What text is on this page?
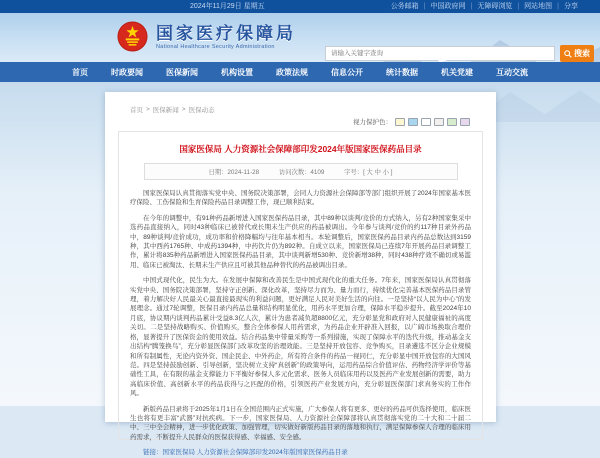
2024年11月29日 星期五	公务邮箱 | 中国政府网 | 无障碍浏览 | 网站地图 | 分享
国家医疗保障局
National Healthcare Security Administration
请输入关键字查询
搜索
首页	时政要闻	医保新闻	机构设置	政策法规	信息公开	统计数据	机关党建	互动交流
首页 > 医保新闻 > 医保动态
视力保护色：
国家医保局 人力资源社会保障部印发2024年版国家医保药品目录
日期：2024-11-28	访问次数：4109	字号：[ 大 中 小 ]

国家医保局认真贯彻落实党中央、国务院决策部署，会同人力资源社会保障部等部门组织开展了2024年国家基本医疗保险、工伤保险和生育保险药品目录调整工作，现已顺利结束。

在今年的调整中，有91种药品新增进入国家医保药品目录，其中89种以谈判/竞价的方式纳入，另有2种国家集采中选药品直接纳入，同时43种临床已被替代或长期未生产供应的药品被调出。今年参与谈判/竞价的约117种目录外药品中，89种谈判/竞价成功，成功率和价格降幅均与往年基本相当。本轮调整后，国家医保药品目录内药品总数达到3159种，其中西药1765种、中成药1394种，中药饮片仍为892种。自成立以来，国家医保局已连续7年开展药品目录调整工作，累计将835种药品新增进入国家医保药品目录，其中谈判新增530种、竞价新增38种，同时438种疗效不确切或易滥用、临床已被淘汰、长期未生产供应且可被其他品种替代的药品被调出目录。

中国式现代化，民生为大。在发展中保障和改善民生是中国式现代化的重大任务。7年来，国家医保局认真贯彻落实党中央、国务院决策部署，坚持守正创新、深化改革，坚持尽力而为、量力而行，持续优化完善基本医保药品目录管理，着力解决好人民最关心最直接最现实的利益问题，更好满足人民对美好生活的向往。一是坚持“以人民为中心”的发展理念。通过7轮调整，医保目录内药品总量和结构明显优化，用药水平更加合理，保障水平稳步提升。截至2024年10月底，协议期内谈判药品累计受益8.3亿人次，累计为患者减负超8800亿元，充分彰显党和政府对人民健康福祉的高度关切。二是坚持战略购买、价值购买，整合全体参保人用药需求，为药品企业开辟准入回报，以广阔市场换取合理价格，显著提升了医保资金的使用效益。结合药品集中带量采购等一系列措施，实现了保障水平的迭代升级，推动基金支出结构“腾笼换鸟”，充分彰显医保部门改革攻坚的治理效能。三是坚持开放包容、竞争购买，目录遴选不区分企业规模和所有制属性，无论内资外资、国企民企、中外药企，所有符合条件的药品一视同仁，充分彰显中国开放包容的大国风范。四是坚持鼓励创新、引导创新，坚决树立支持“真创新”的政策导向，运用药品综合价值评估、药物经济学评价等基础性工具，在有限的基金支撑能力下平衡好参保人多元化需求、医务人员临床用药以及医药产业发展创新的需要，助力高临床价值、高创新水平的药品获得与之匹配的价格，引领医药产业发展方向，充分彰显医保部门求真务实的工作作风。

新版药品目录将于2025年1月1日在全国范围内正式实施，广大参保人将有更多、更好的药品可供选择使用，临床医生也将有更丰富“武器”对抗疾病。下一步，国家医保局、人力资源社会保障部将认真贯彻落实党的二十大和二十届二中、三中全会精神，进一步优化政策、加强管理，切实做好新版药品目录的落地和执行，满足保障参保人合理的临床用药需求，不断提升人民群众的医保获得感、幸福感、安全感。

链接：国家医保局 人力资源社会保障部印发2024年版国家医保药品目录
